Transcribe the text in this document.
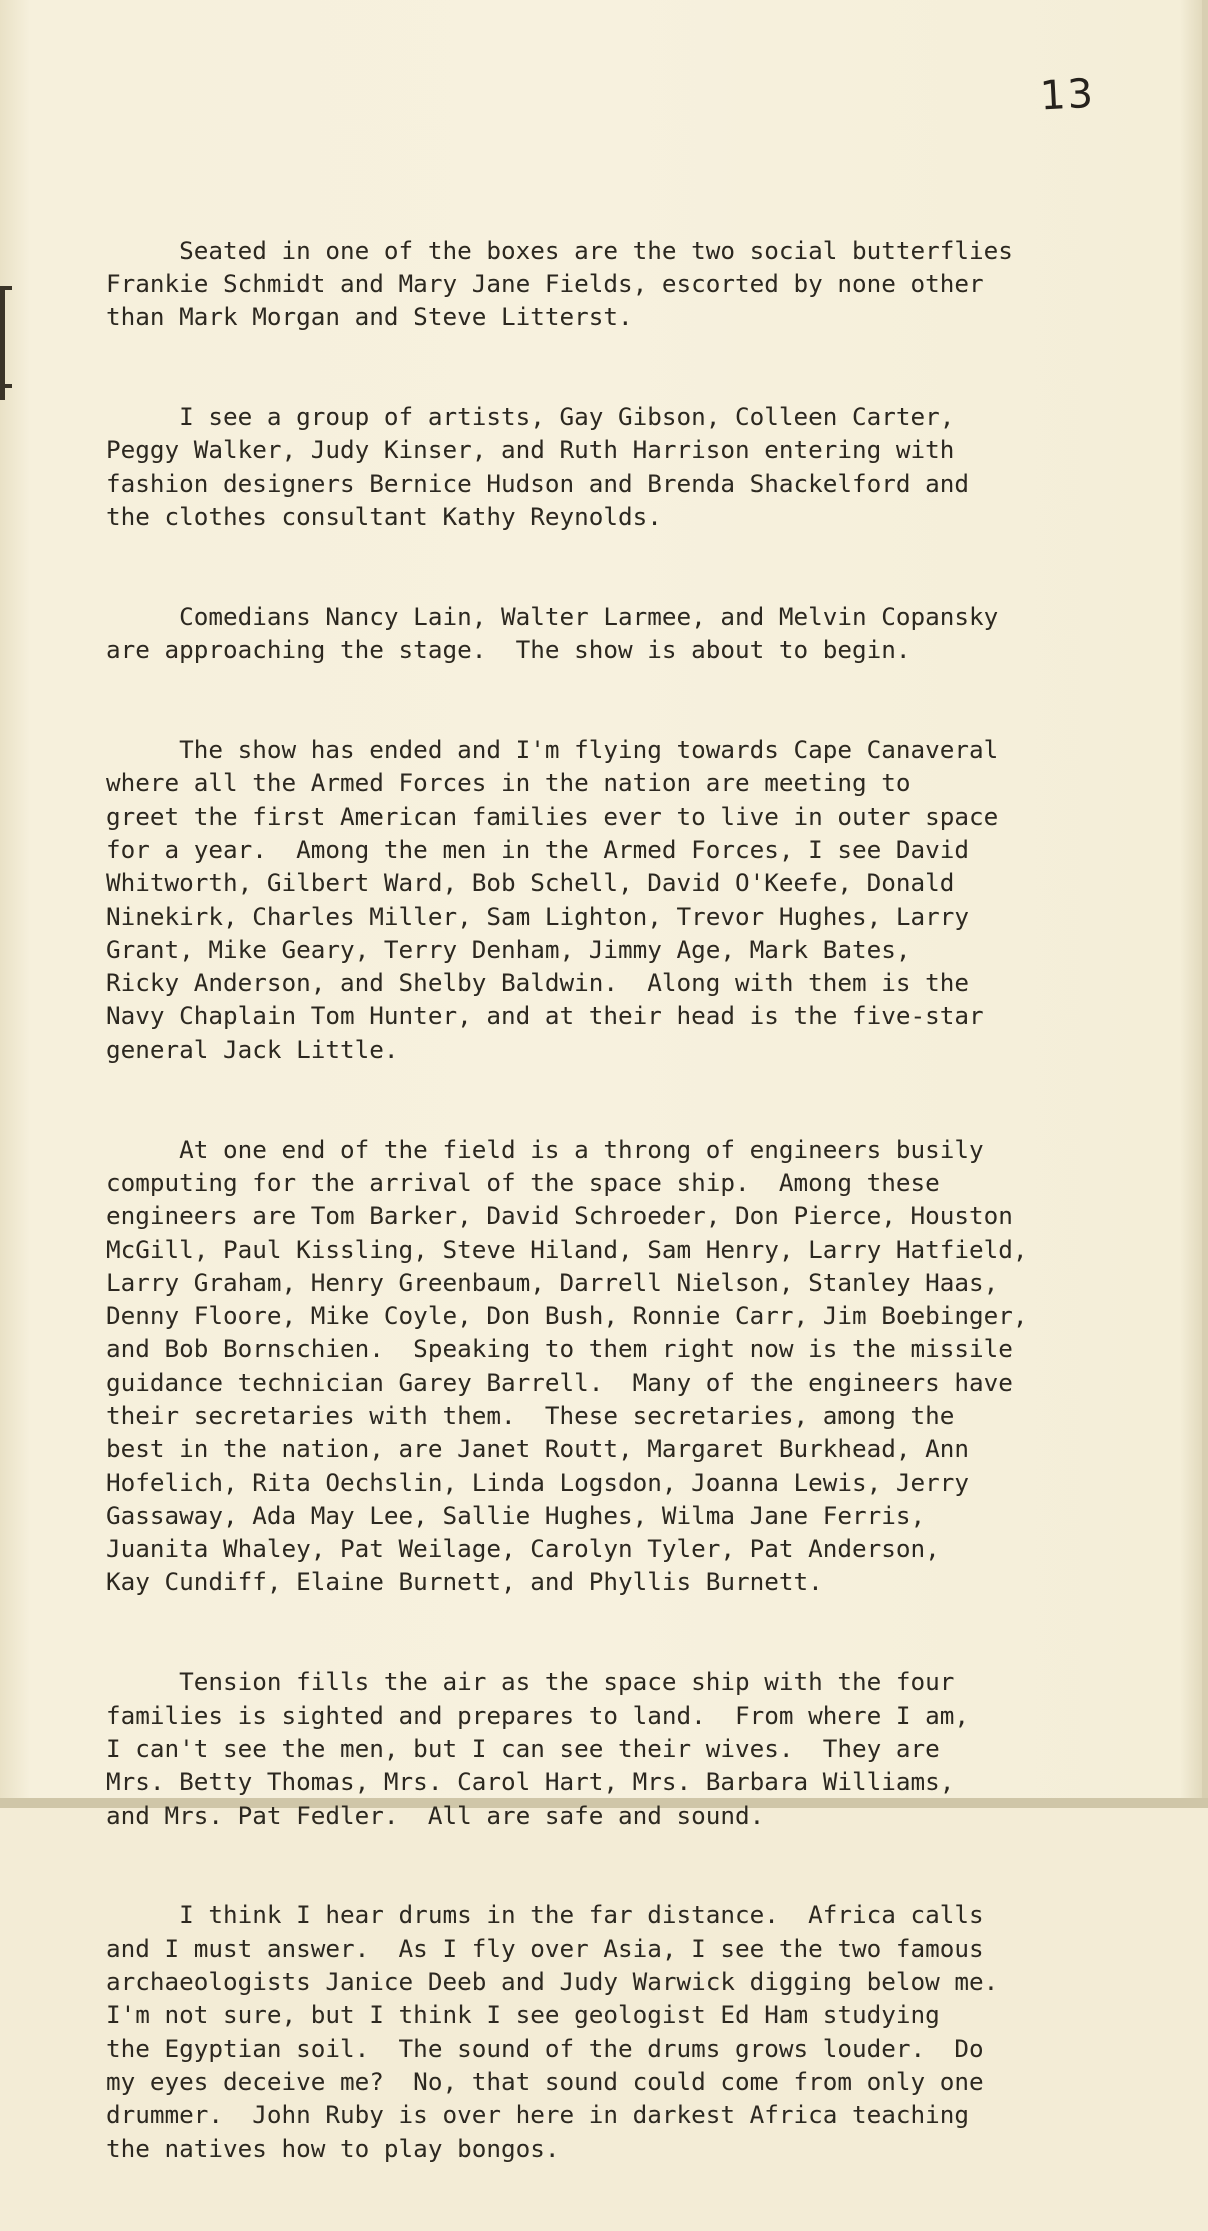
13

Seated in one of the boxes are the two social butterflies
Frankie Schmidt and Mary Jane Fields, escorted by none other
than Mark Morgan and Steve Litterst.

I see a group of artists, Gay Gibson, Colleen Carter,
Peggy Walker, Judy Kinser, and Ruth Harrison entering with
fashion designers Bernice Hudson and Brenda Shackelford and
the clothes consultant Kathy Reynolds.

Comedians Nancy Lain, Walter Larmee, and Melvin Copansky
are approaching the stage.  The show is about to begin.

The show has ended and I'm flying towards Cape Canaveral
where all the Armed Forces in the nation are meeting to
greet the first American families ever to live in outer space
for a year.  Among the men in the Armed Forces, I see David
Whitworth, Gilbert Ward, Bob Schell, David O'Keefe, Donald
Ninekirk, Charles Miller, Sam Lighton, Trevor Hughes, Larry
Grant, Mike Geary, Terry Denham, Jimmy Age, Mark Bates,
Ricky Anderson, and Shelby Baldwin.  Along with them is the
Navy Chaplain Tom Hunter, and at their head is the five-star
general Jack Little.

At one end of the field is a throng of engineers busily
computing for the arrival of the space ship.  Among these
engineers are Tom Barker, David Schroeder, Don Pierce, Houston
McGill, Paul Kissling, Steve Hiland, Sam Henry, Larry Hatfield,
Larry Graham, Henry Greenbaum, Darrell Nielson, Stanley Haas,
Denny Floore, Mike Coyle, Don Bush, Ronnie Carr, Jim Boebinger,
and Bob Bornschien.  Speaking to them right now is the missile
guidance technician Garey Barrell.  Many of the engineers have
their secretaries with them.  These secretaries, among the
best in the nation, are Janet Routt, Margaret Burkhead, Ann
Hofelich, Rita Oechslin, Linda Logsdon, Joanna Lewis, Jerry
Gassaway, Ada May Lee, Sallie Hughes, Wilma Jane Ferris,
Juanita Whaley, Pat Weilage, Carolyn Tyler, Pat Anderson,
Kay Cundiff, Elaine Burnett, and Phyllis Burnett.

Tension fills the air as the space ship with the four
families is sighted and prepares to land.  From where I am,
I can't see the men, but I can see their wives.  They are
Mrs. Betty Thomas, Mrs. Carol Hart, Mrs. Barbara Williams,
and Mrs. Pat Fedler.  All are safe and sound.

I think I hear drums in the far distance.  Africa calls
and I must answer.  As I fly over Asia, I see the two famous
archaeologists Janice Deeb and Judy Warwick digging below me.
I'm not sure, but I think I see geologist Ed Ham studying
the Egyptian soil.  The sound of the drums grows louder.  Do
my eyes deceive me?  No, that sound could come from only one
drummer.  John Ruby is over here in darkest Africa teaching
the natives how to play bongos.
